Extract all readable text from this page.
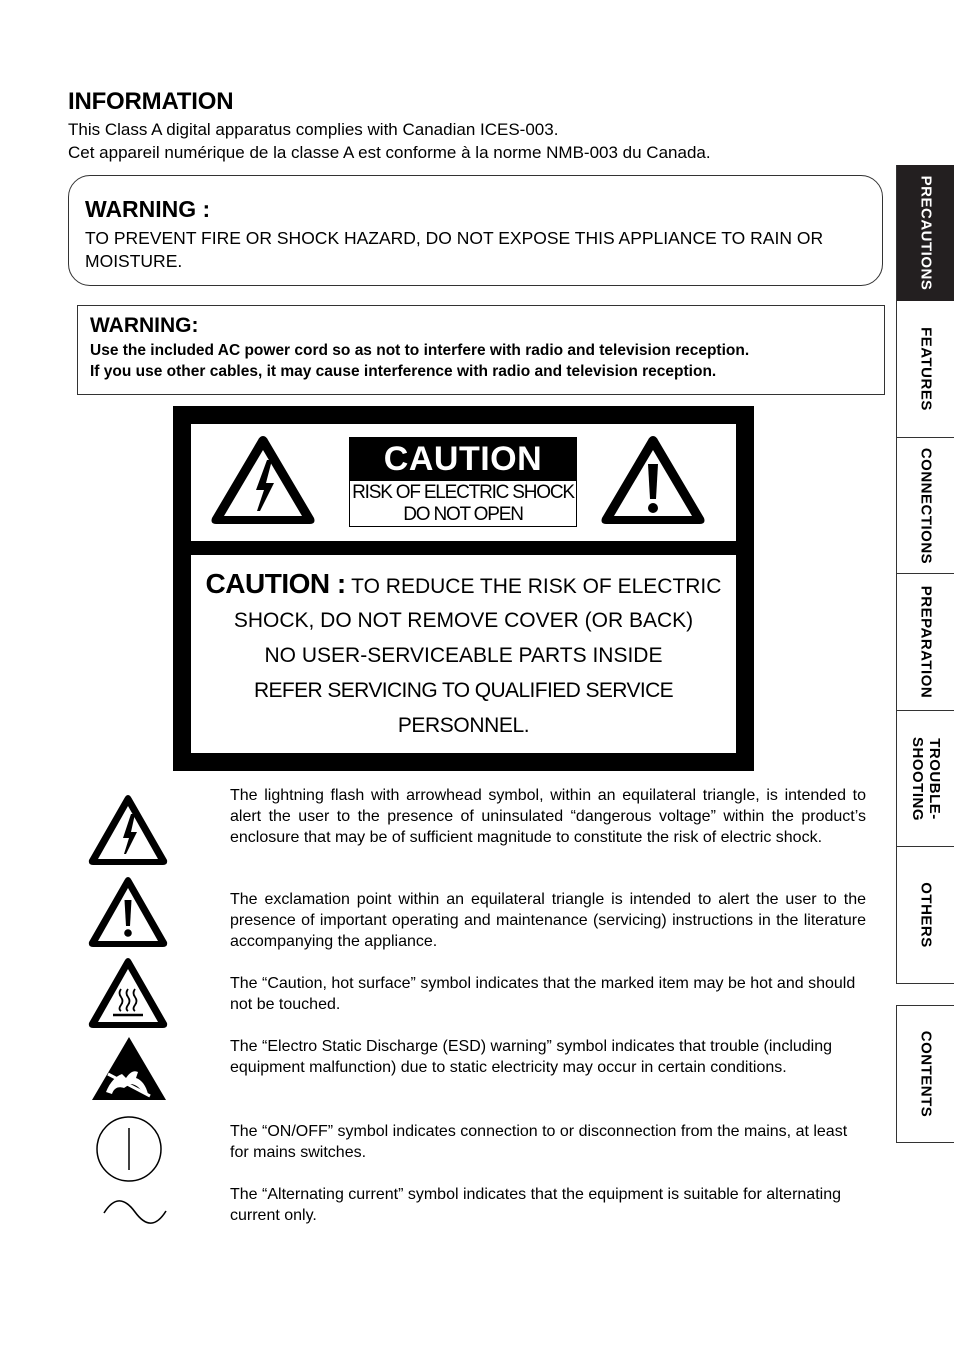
INFORMATION
This Class A digital apparatus complies with Canadian ICES-003.
Cet appareil numérique de la classe A est conforme à la norme NMB-003 du Canada.
WARNING :
TO PREVENT FIRE OR SHOCK HAZARD, DO NOT EXPOSE THIS APPLIANCE TO RAIN OR MOISTURE.
WARNING:
Use the included AC power cord so as not to interfere with radio and television reception.
If you use other cables, it may cause interference with radio and television reception.
CAUTION
RISK OF ELECTRIC SHOCK
DO NOT OPEN
CAUTION : TO REDUCE THE RISK OF ELECTRIC
SHOCK, DO NOT REMOVE COVER (OR BACK)
NO USER-SERVICEABLE PARTS INSIDE
REFER SERVICING TO QUALIFIED SERVICE
PERSONNEL.
The lightning flash with arrowhead symbol, within an equilateral triangle, is intended to alert the user to the presence of uninsulated “dangerous voltage” within the product’s enclosure that may be of sufficient magnitude to constitute the risk of electric shock.
The exclamation point within an equilateral triangle is intended to alert the user to the presence of important operating and maintenance (servicing) instructions in the literature accompanying the appliance.
The “Caution, hot surface” symbol indicates that the marked item may be hot and should not be touched.
The “Electro Static Discharge (ESD) warning” symbol indicates that trouble (including equipment malfunction) due to static electricity may occur in certain conditions.
The “ON/OFF” symbol indicates connection to or disconnection from the mains, at least for mains switches.
The “Alternating current” symbol indicates that the equipment is suitable for alternating current only.
PRECAUTIONS
FEATURES
CONNECTIONS
PREPARATION
TROUBLE-
SHOOTING
OTHERS
CONTENTS
